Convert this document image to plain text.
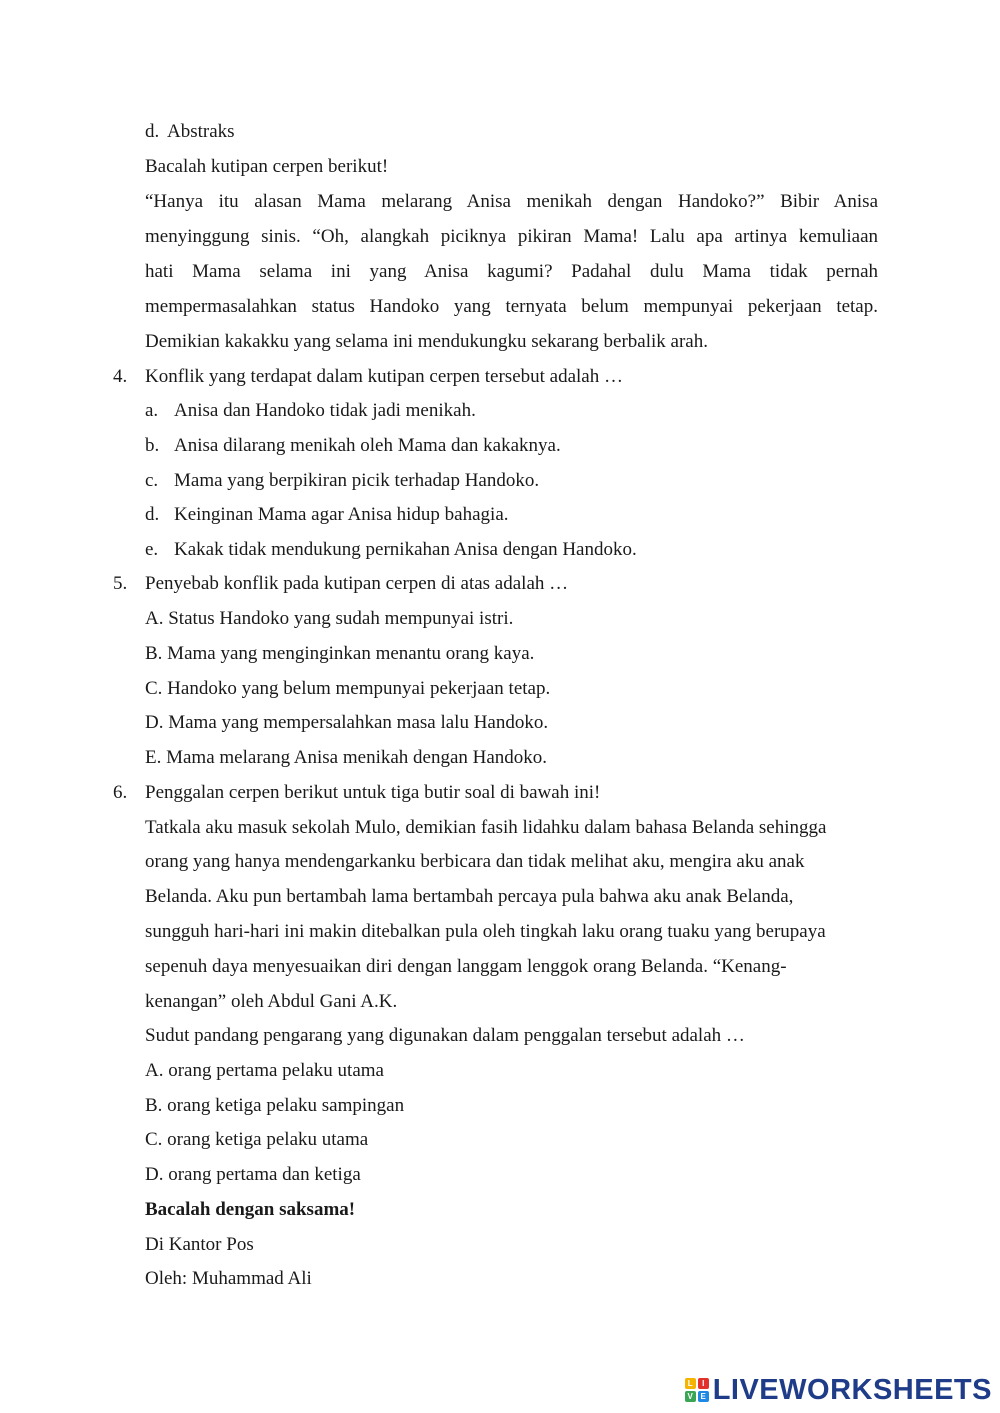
d. Abstraks

Bacalah kutipan cerpen berikut!

“Hanya itu alasan Mama melarang Anisa menikah dengan Handoko?” Bibir Anisa

menyinggung sinis. “Oh, alangkah piciknya pikiran Mama! Lalu apa artinya kemuliaan

hati Mama selama ini yang Anisa kagumi? Padahal dulu Mama tidak pernah

mempermasalahkan status Handoko yang ternyata belum mempunyai pekerjaan tetap.

Demikian kakakku yang selama ini mendukungku sekarang berbalik arah.

4. Konflik yang terdapat dalam kutipan cerpen tersebut adalah …

a. Anisa dan Handoko tidak jadi menikah.
b. Anisa dilarang menikah oleh Mama dan kakaknya.
c. Mama yang berpikiran picik terhadap Handoko.
d. Keinginan Mama agar Anisa hidup bahagia.
e. Kakak tidak mendukung pernikahan Anisa dengan Handoko.
5. Penyebab konflik pada kutipan cerpen di atas adalah …

A. Status Handoko yang sudah mempunyai istri.

B. Mama yang menginginkan menantu orang kaya.

C. Handoko yang belum mempunyai pekerjaan tetap.

D. Mama yang mempersalahkan masa lalu Handoko.

E. Mama melarang Anisa menikah dengan Handoko.

6. Penggalan cerpen berikut untuk tiga butir soal di bawah ini!

Tatkala aku masuk sekolah Mulo, demikian fasih lidahku dalam bahasa Belanda sehingga

orang yang hanya mendengarkanku berbicara dan tidak melihat aku, mengira aku anak

Belanda. Aku pun bertambah lama bertambah percaya pula bahwa aku anak Belanda,

sungguh hari-hari ini makin ditebalkan pula oleh tingkah laku orang tuaku yang berupaya

sepenuh daya menyesuaikan diri dengan langgam lenggok orang Belanda. “Kenang-

kenangan” oleh Abdul Gani A.K.

Sudut pandang pengarang yang digunakan dalam penggalan tersebut adalah …

A. orang pertama pelaku utama

B. orang ketiga pelaku sampingan

C. orang ketiga pelaku utama

D. orang pertama dan ketiga

Bacalah dengan saksama!

Di Kantor Pos

Oleh: Muhammad Ali

L	I
V E LIVEWORKSHEETS
